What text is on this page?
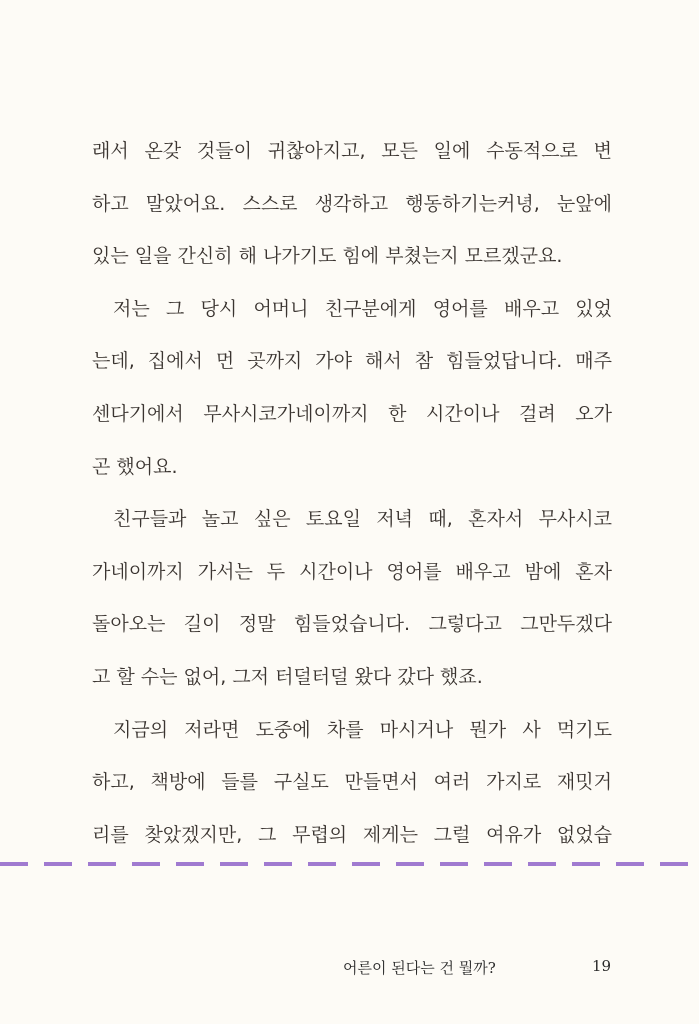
래서 온갖 것들이 귀찮아지고, 모든 일에 수동적으로 변
하고 말았어요. 스스로 생각하고 행동하기는커녕, 눈앞에
있는 일을 간신히 해 나가기도 힘에 부쳤는지 모르겠군요.
저는 그 당시 어머니 친구분에게 영어를 배우고 있었
는데, 집에서 먼 곳까지 가야 해서 참 힘들었답니다. 매주
센다기에서 무사시코가네이까지 한 시간이나 걸려 오가
곤 했어요.
친구들과 놀고 싶은 토요일 저녁 때, 혼자서 무사시코
가네이까지 가서는 두 시간이나 영어를 배우고 밤에 혼자
돌아오는 길이 정말 힘들었습니다. 그렇다고 그만두겠다
고 할 수는 없어, 그저 터덜터덜 왔다 갔다 했죠.
지금의 저라면 도중에 차를 마시거나 뭔가 사 먹기도
하고, 책방에 들를 구실도 만들면서 여러 가지로 재밋거
리를 찾았겠지만, 그 무렵의 제게는 그럴 여유가 없었습
어른이 된다는 건 뭘까?	19
